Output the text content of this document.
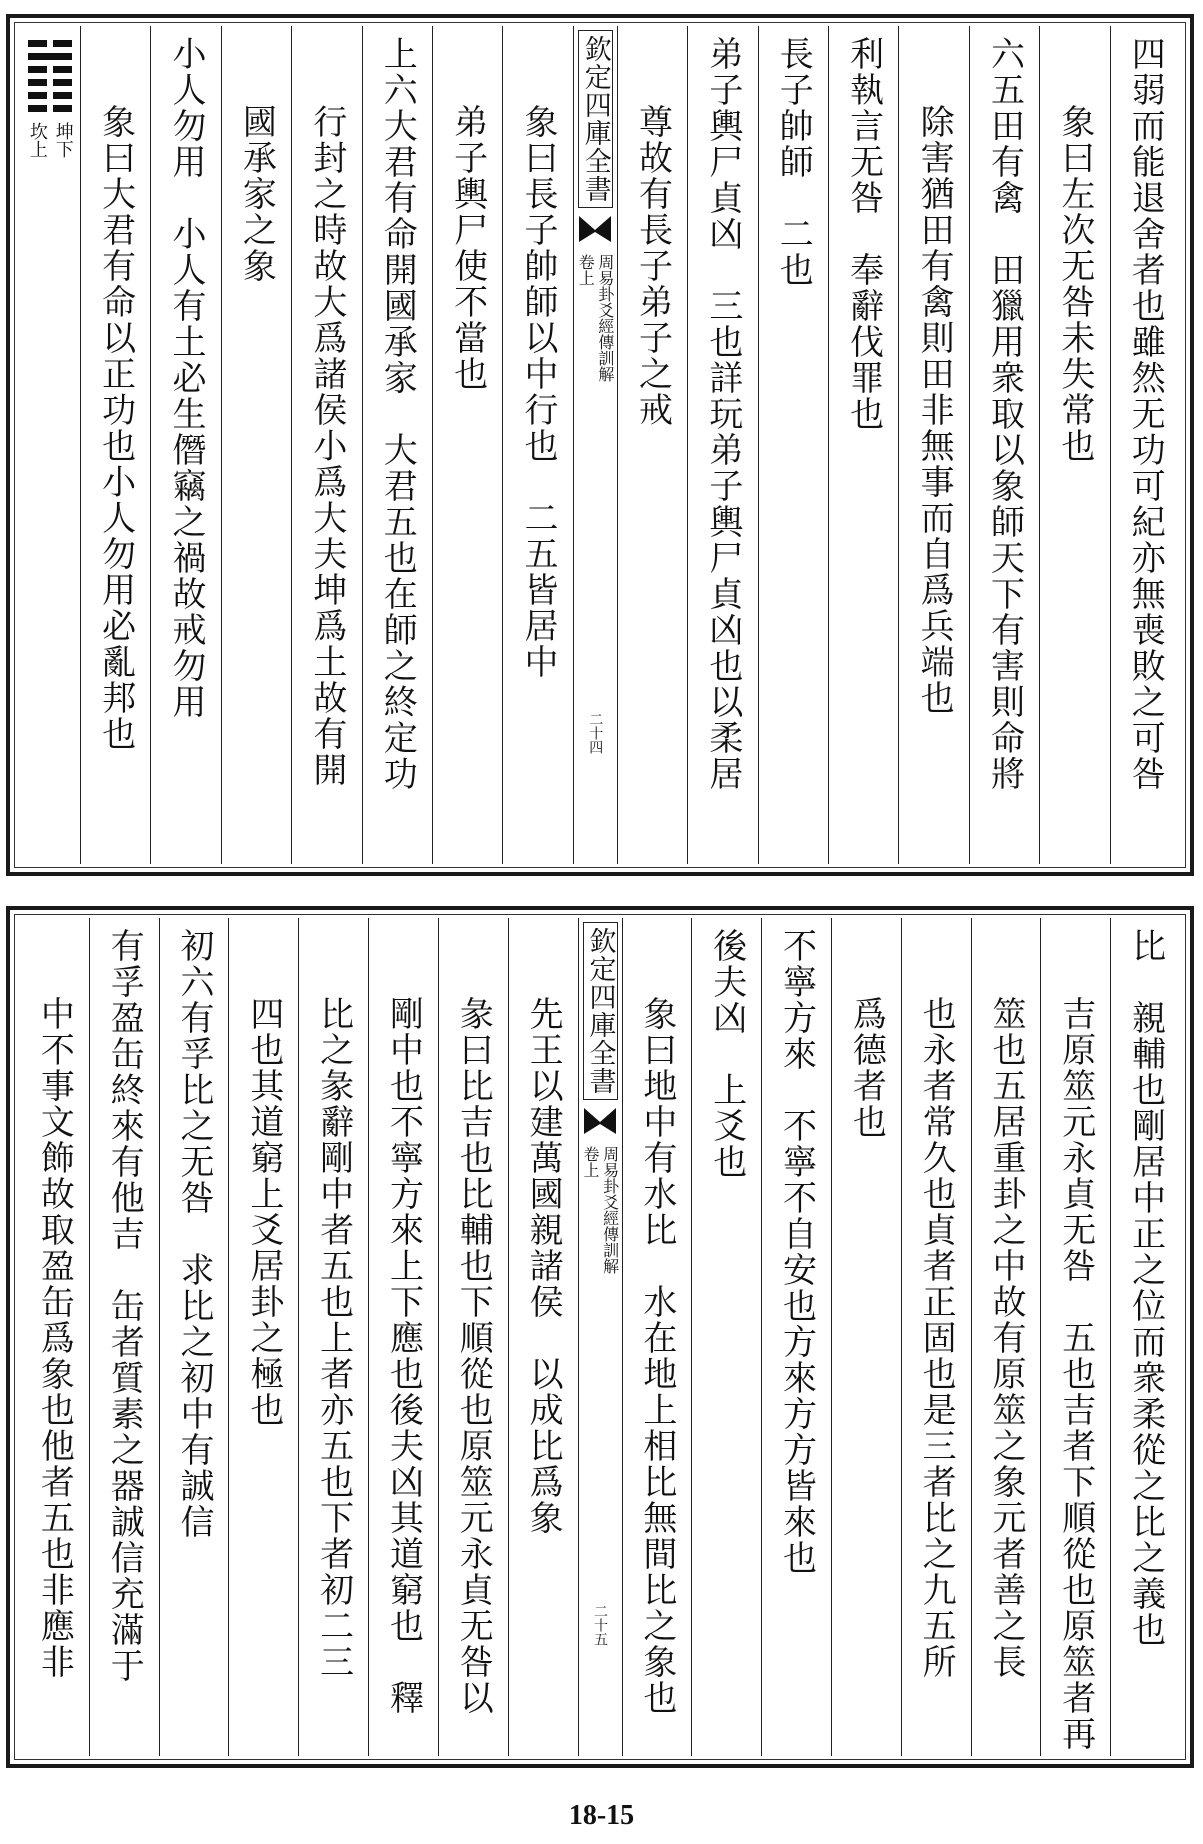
四弱而能退舍者也雖然无功可紀亦無喪敗之可咎
象曰左次无咎未失常也
六五田有禽　田獵用衆取以象師天下有害則命將
除害猶田有禽則田非無事而自爲兵端也
利執言无咎　奉辭伐罪也
長子帥師　二也
弟子輿尸貞凶　三也詳玩弟子輿尸貞凶也以柔居
尊故有長子弟子之戒
欽定四庫全書
周易卦爻經傳訓解
卷上
二十四
象曰長子帥師以中行也　二五皆居中
弟子輿尸使不當也
上六大君有命開國承家　大君五也在師之終定功
行封之時故大爲諸侯小爲大夫坤爲土故有開
國承家之象
小人勿用　小人有土必生僭竊之禍故戒勿用
象曰大君有命以正功也小人勿用必亂邦也
坤下
坎上
比　親輔也剛居中正之位而衆柔從之比之義也
吉原筮元永貞无咎　五也吉者下順從也原筮者再
筮也五居重卦之中故有原筮之象元者善之長
也永者常久也貞者正固也是三者比之九五所
爲德者也
不寧方來　不寧不自安也方來方方皆來也
後夫凶　上爻也
象曰地中有水比　水在地上相比無間比之象也
欽定四庫全書
周易卦爻經傳訓解
卷上
二十五
先王以建萬國親諸侯　以成比爲象
彖曰比吉也比輔也下順從也原筮元永貞无咎以
剛中也不寧方來上下應也後夫凶其道窮也　釋
比之彖辭剛中者五也上者亦五也下者初二三
四也其道窮上爻居卦之極也
初六有孚比之无咎　求比之初中有誠信
有孚盈缶終來有他吉　缶者質素之器誠信充滿于
中不事文飾故取盈缶爲象也他者五也非應非
18-15
